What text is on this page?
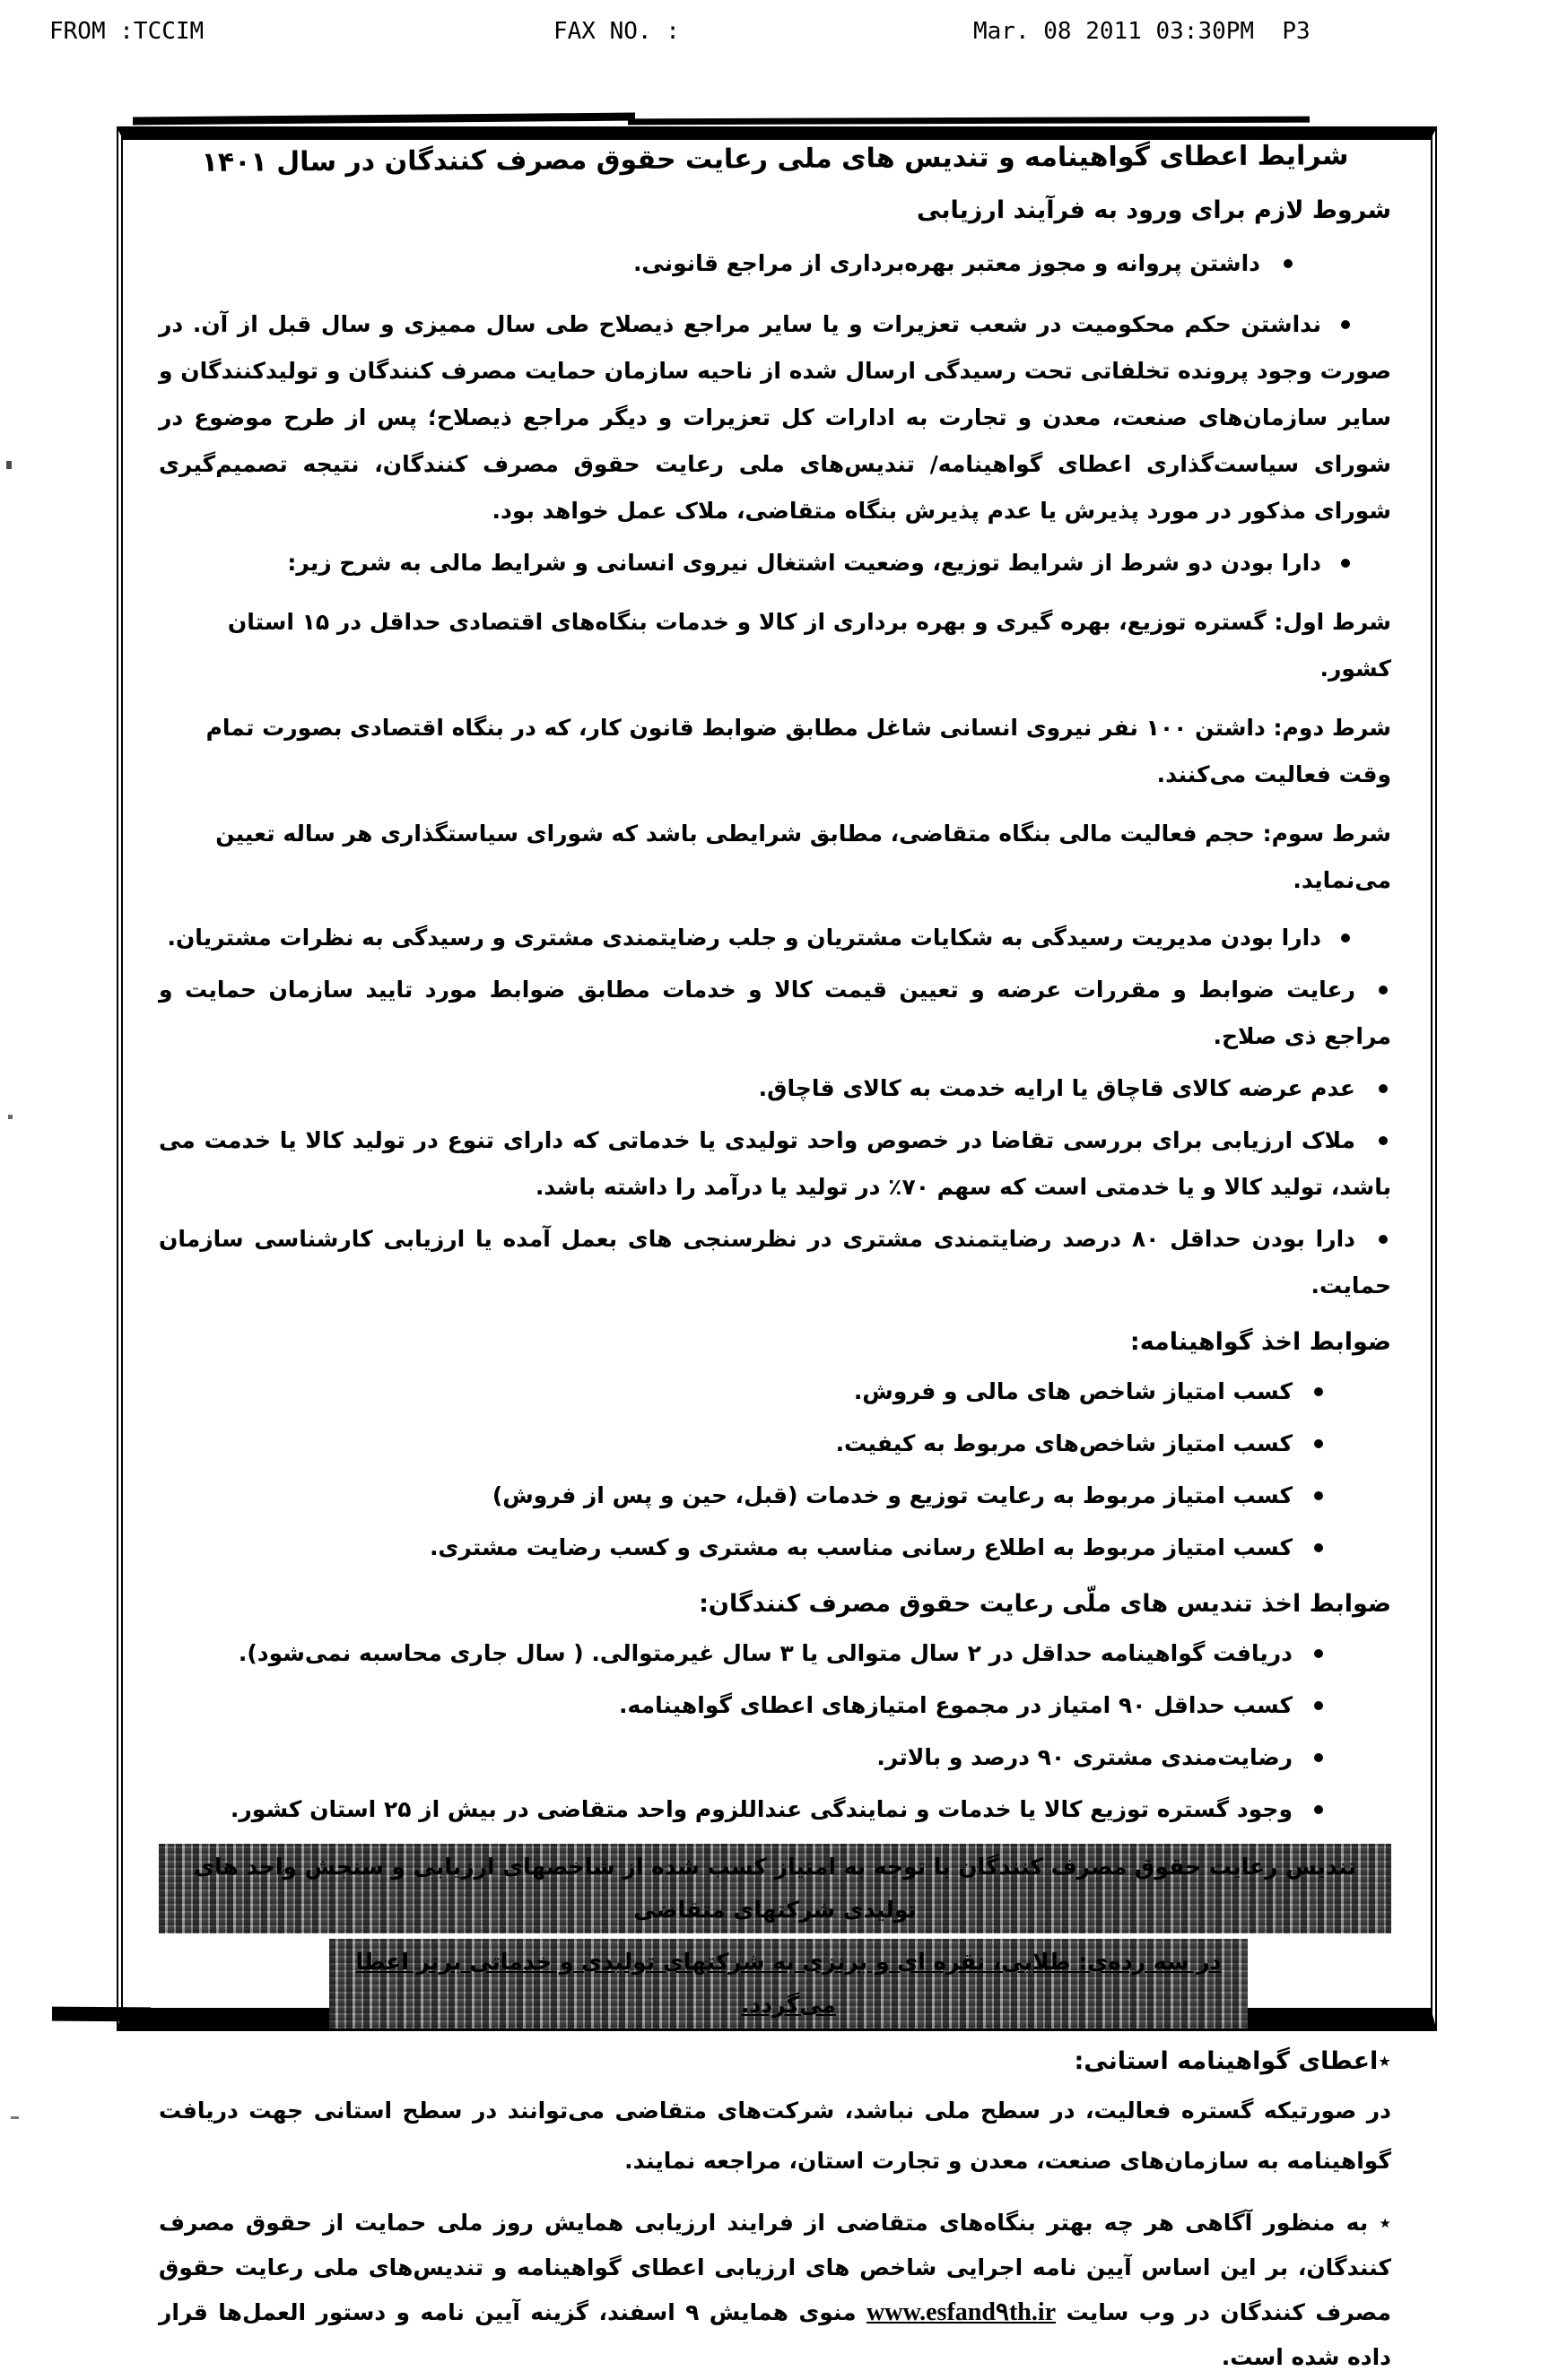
FROM :TCCIM

	FAX NO. :

	Mar. 08 2011 03:30PM  P3

شرایط اعطای گواهینامه و تندیس های ملی رعایت حقوق مصرف کنندگان در سال ۱۴۰۱
شروط لازم برای ورود به فرآیند ارزیابی
داشتن پروانه و مجوز معتبر بهره‌برداری از مراجع قانونی.
نداشتن حکم محکومیت در شعب تعزیرات و یا سایر مراجع ذیصلاح طی سال ممیزی و سال قبل از آن. در صورت وجود پرونده تخلفاتی تحت رسیدگی ارسال شده از ناحیه سازمان حمایت مصرف کنندگان و تولیدکنندگان و سایر سازمان‌های صنعت، معدن و تجارت به ادارات کل تعزیرات و دیگر مراجع ذیصلاح؛ پس از طرح موضوع در شورای سیاست‌گذاری اعطای گواهینامه/ تندیس‌های ملی رعایت حقوق مصرف کنندگان، نتیجه تصمیم‌گیری شورای مذکور در مورد پذیرش یا عدم پذیرش بنگاه متقاضی، ملاک عمل خواهد بود.
دارا بودن دو شرط از شرایط توزیع، وضعیت اشتغال نیروی انسانی و شرایط مالی به شرح زیر:

شرط اول: گستره توزیع، بهره گیری و بهره برداری از کالا و خدمات بنگاه‌های اقتصادی حداقل در ۱۵ استان کشور.

شرط دوم: داشتن ۱۰۰ نفر نیروی انسانی شاغل مطابق ضوابط قانون کار، که در بنگاه اقتصادی بصورت تمام وقت فعالیت می‌کنند.

شرط سوم: حجم فعالیت مالی بنگاه متقاضی، مطابق شرایطی باشد که شورای سیاستگذاری هر ساله تعیین می‌نماید.

دارا بودن مدیریت رسیدگی به شکایات مشتریان و جلب رضایتمندی مشتری و رسیدگی به نظرات مشتریان.
رعایت ضوابط و مقررات عرضه و تعیین قیمت کالا و خدمات مطابق ضوابط مورد تایید سازمان حمایت و مراجع ذی صلاح.
عدم عرضه کالای قاچاق یا ارایه خدمت به کالای قاچاق.
ملاک ارزیابی برای بررسی تقاضا در خصوص واحد تولیدی یا خدماتی که دارای تنوع در تولید کالا یا خدمت می باشد، تولید کالا و یا خدمتی است که سهم ۷۰٪ در تولید یا درآمد را داشته باشد.
دارا بودن حداقل ۸۰ درصد رضایتمندی مشتری در نظرسنجی های بعمل آمده یا ارزیابی کارشناسی سازمان حمایت.
ضوابط اخذ گواهینامه:
کسب امتیاز شاخص های مالی و فروش.
کسب امتیاز شاخص‌های مربوط به کیفیت.
کسب امتیاز مربوط به رعایت توزیع و خدمات (قبل، حین و پس از فروش)
کسب امتیاز مربوط به اطلاع رسانی مناسب به مشتری و کسب رضایت مشتری.
ضوابط اخذ تندیس های ملّی رعایت حقوق مصرف کنندگان:
دریافت گواهینامه حداقل در ۲ سال متوالی یا ۳ سال غیرمتوالی. ( سال جاری محاسبه نمی‌شود).
کسب حداقل ۹۰ امتیاز در مجموع امتیازهای اعطای گواهینامه.
رضایت‌مندی مشتری ۹۰ درصد و بالاتر.
وجود گستره توزیع کالا یا خدمات و نمایندگی عنداللزوم واحد متقاضی در بیش از ۲۵ استان کشور.
تندیس رعایت حقوق مصرف کنندگان با توجه به امتیاز کسب شده از شاخصهای ارزیابی و سنجش واحد های تولیدی شرکتهای متقاضی
در سه رده‌ی: طلایی، نقره ای و برنزی به شرکتهای تولیدی و خدماتی برتر اعطا می‌گردد.
٭اعطای گواهینامه استانی:

در صورتیکه گستره فعالیت، در سطح ملی نباشد، شرکت‌های متقاضی می‌توانند در سطح استانی جهت دریافت گواهینامه به سازمان‌های صنعت، معدن و تجارت استان، مراجعه نمایند.

٭ به منظور آگاهی هر چه بهتر بنگاه‌های متقاضی از فرایند ارزیابی همایش روز ملی حمایت از حقوق مصرف کنندگان، بر این اساس آیین نامه اجرایی شاخص های ارزیابی اعطای گواهینامه و تندیس‌های ملی رعایت حقوق مصرف کنندگان در وب سایت www.esfand۹th.ir منوی همایش ۹ اسفند، گزینه آیین نامه و دستور العمل‌ها قرار داده شده است.
